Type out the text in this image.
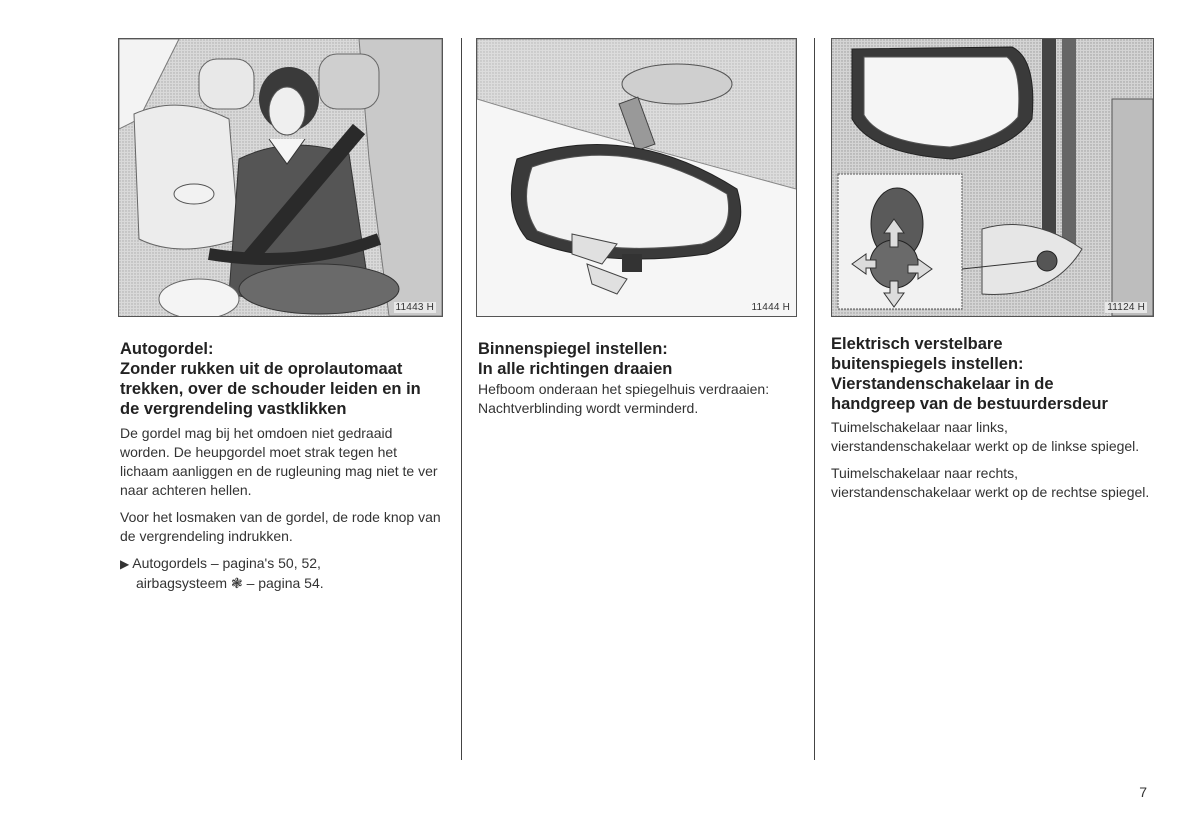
11443 H
Autogordel:
Zonder rukken uit de oprolautomaat
trekken, over de schouder leiden en in
de vergrendeling vastklikken

De gordel mag bij het omdoen niet gedraaid worden. De heupgordel moet strak tegen het lichaam aanliggen en de rugleuning mag niet te ver naar achteren hellen.

Voor het losmaken van de gordel, de rode knop van de vergrendeling indrukken.

▶ Autogordels – pagina's 50, 52,
airbagsysteem ❃ – pagina 54.
11444 H
Binnenspiegel instellen:
In alle richtingen draaien

Hefboom onderaan het spiegelhuis verdraaien: Nachtverblinding wordt verminderd.

11124 H
Elektrisch verstelbare
buitenspiegels instellen:
Vierstandenschakelaar in de
handgreep van de bestuurdersdeur

Tuimelschakelaar naar links, vierstandenschakelaar werkt op de linkse spiegel.

Tuimelschakelaar naar rechts, vierstandenschakelaar werkt op de rechtse spiegel.

7
